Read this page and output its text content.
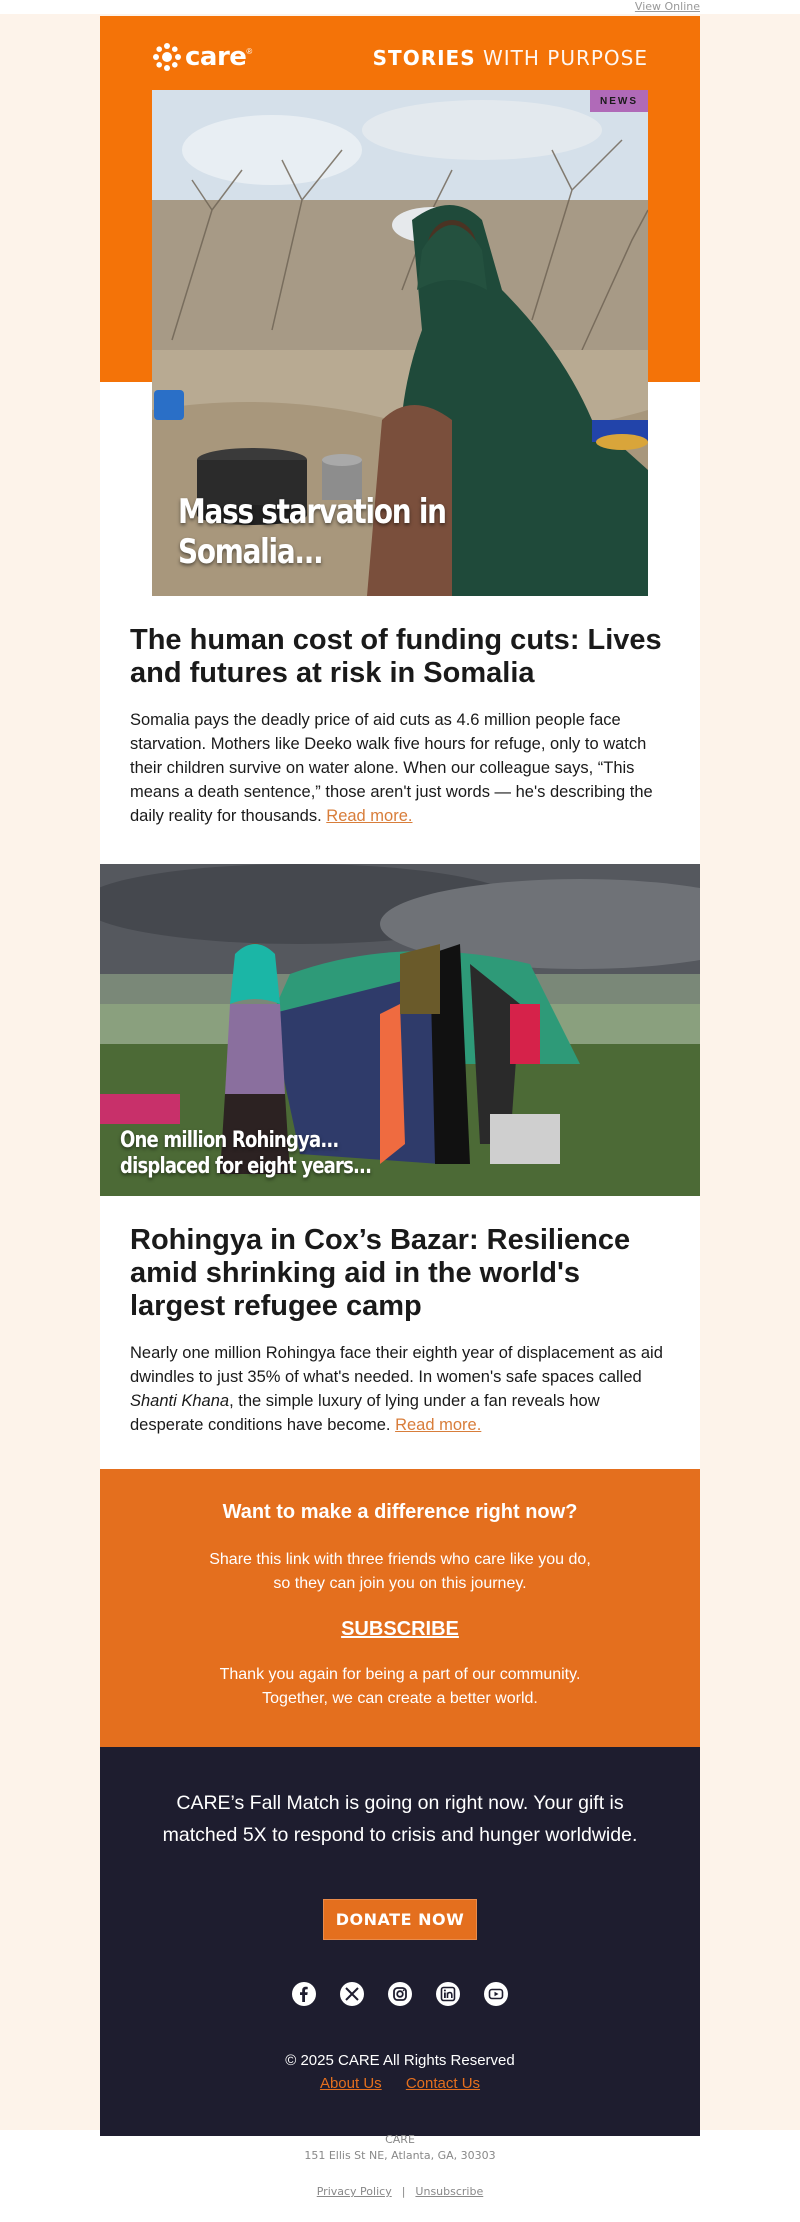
View Online
care ®	STORIES WITH PURPOSE
NEWS
Mass starvation in Somalia...
The human cost of funding cuts: Lives and futures at risk in Somalia

Somalia pays the deadly price of aid cuts as 4.6 million people face starvation. Mothers like Deeko walk five hours for refuge, only to watch their children survive on water alone. When our colleague says, “This means a death sentence,” those aren't just words — he's describing the daily reality for thousands. Read more.

One million Rohingya...
displaced for eight years...
Rohingya in Cox’s Bazar: Resilience amid shrinking aid in the world's largest refugee camp

Nearly one million Rohingya face their eighth year of displacement as aid dwindles to just 35% of what's needed. In women's safe spaces called Shanti Khana, the simple luxury of lying under a fan reveals how desperate conditions have become. Read more.

Want to make a difference right now?

Share this link with three friends who care like you do,

so they can join you on this journey.

SUBSCRIBE

Thank you again for being a part of our community.

Together, we can create a better world.

CARE’s Fall Match is going on right now. Your gift is matched 5X to respond to crisis and hunger worldwide.

DONATE NOW

© 2025 CARE All Rights Reserved

About Us Contact Us
CARE
151 Ellis St NE, Atlanta, GA, 30303
Privacy Policy | Unsubscribe
